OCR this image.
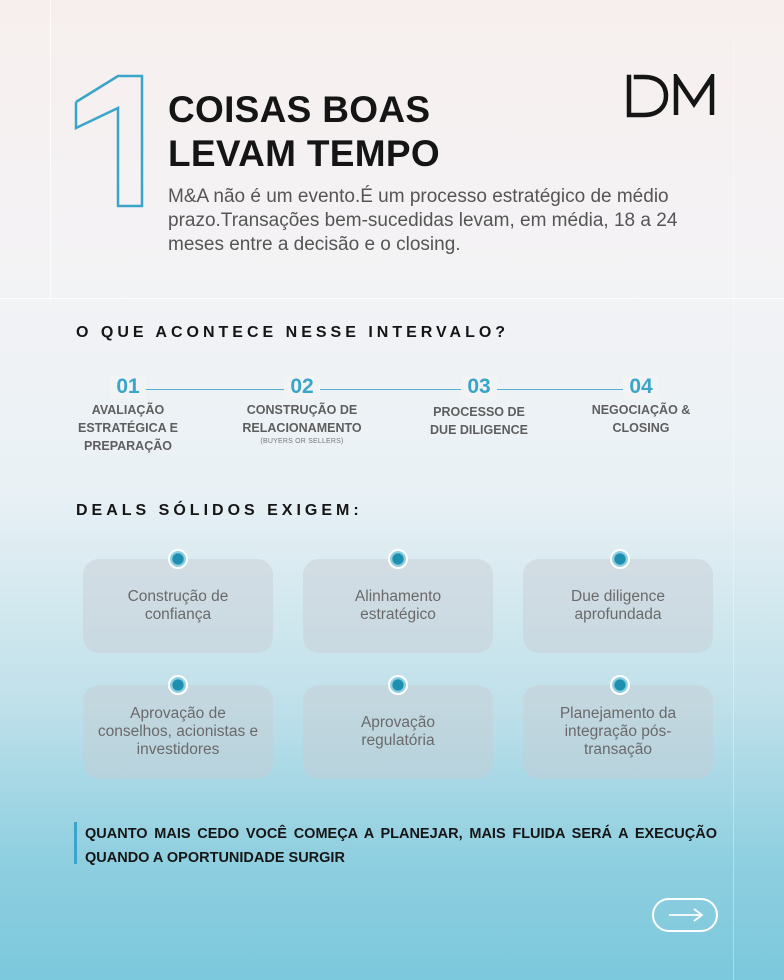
COISAS BOAS
LEVAM TEMPO

M&A não é um evento.É um processo estratégico de médio prazo.Transações bem-sucedidas levam, em média, 18 a 24 meses entre a decisão e o closing.

O QUE ACONTECE NESSE INTERVALO?
01
AVALIAÇÃO ESTRATÉGICA E PREPARAÇÃO
02
CONSTRUÇÃO DE RELACIONAMENTO
(BUYERS OR SELLERS)
03
PROCESSO DE DUE DILIGENCE
04
NEGOCIAÇÃO & CLOSING
DEALS SÓLIDOS EXIGEM:
Construção de confiança
Alinhamento estratégico
Due diligence aprofundada
Aprovação de conselhos, acionistas e investidores
Aprovação regulatória
Planejamento da integração pós-transação

QUANTO MAIS CEDO VOCÊ COMEÇA A PLANEJAR, MAIS FLUIDA SERÁ A EXECUÇÃO QUANDO A OPORTUNIDADE SURGIR
